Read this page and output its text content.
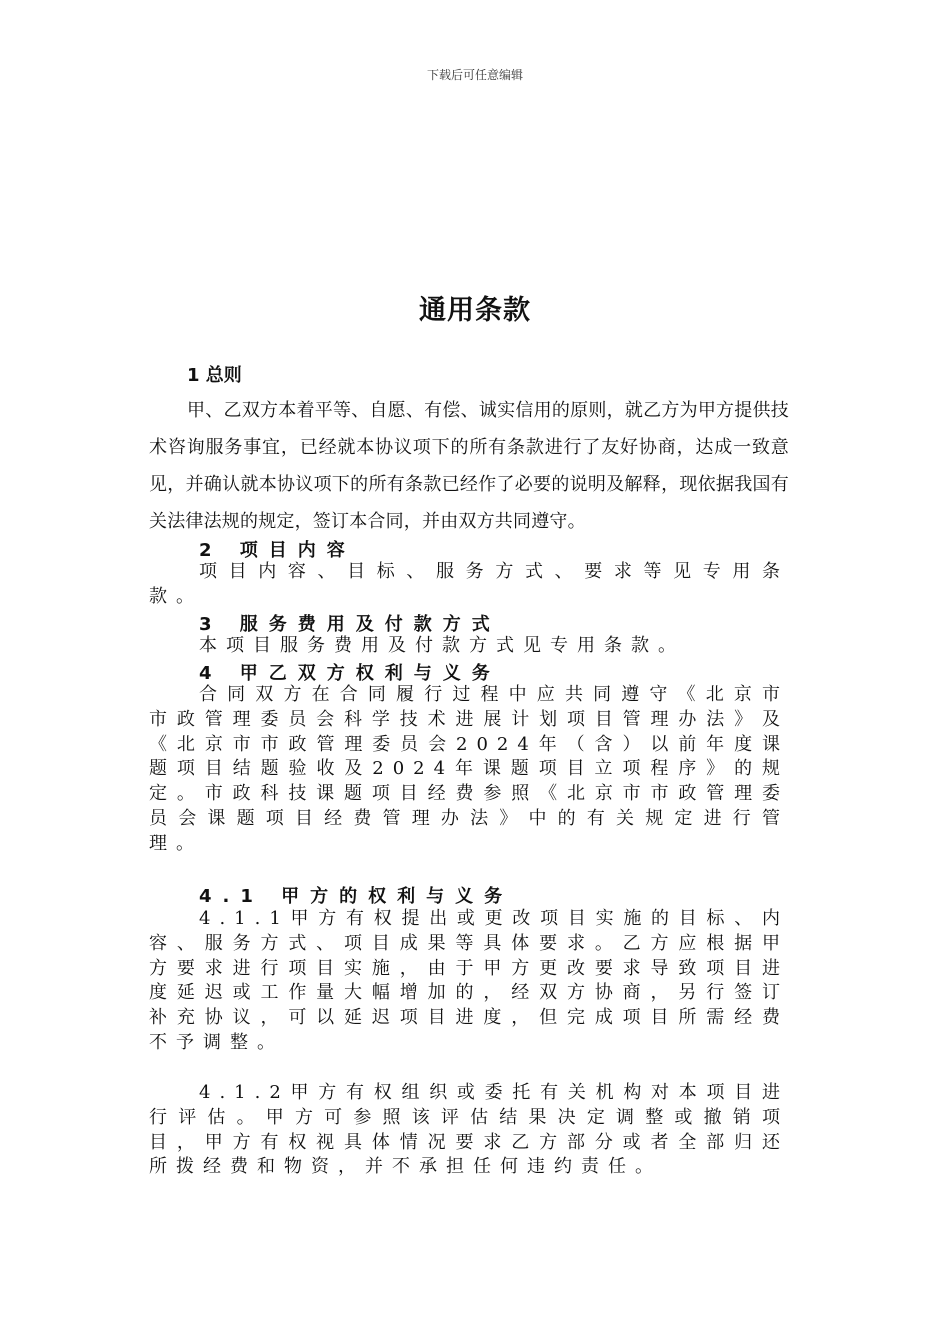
下载后可任意编辑
通用条款
1 总则
甲、乙双方本着平等、自愿、有偿、诚实信用的原则，就乙方为甲方提供技术咨询服务事宜，已经就本协议项下的所有条款进行了友好协商，达成一致意见，并确认就本协议项下的所有条款已经作了必要的说明及解释，现依据我国有关法律法规的规定，签订本合同，并由双方共同遵守。
2 项目内容
项目内容、目标、服务方式、要求等见专用条款。
3 服务费用及付款方式
本项目服务费用及付款方式见专用条款。
4 甲乙双方权利与义务
合同双方在合同履行过程中应共同遵守《北京市市政管理委员会科学技术进展计划项目管理办法》及《北京市市政管理委员会2024年（含）以前年度课题项目结题验收及2024年课题项目立项程序》的规定。市政科技课题项目经费参照《北京市市政管理委员会课题项目经费管理办法》中的有关规定进行管理。
4.1 甲方的权利与义务
4.1.1甲方有权提出或更改项目实施的目标、内容、服务方式、项目成果等具体要求。乙方应根据甲方要求进行项目实施，由于甲方更改要求导致项目进度延迟或工作量大幅增加的，经双方协商，另行签订补充协议，可以延迟项目进度，但完成项目所需经费不予调整。
4.1.2甲方有权组织或委托有关机构对本项目进行评估。甲方可参照该评估结果决定调整或撤销项目，甲方有权视具体情况要求乙方部分或者全部归还所拨经费和物资，并不承担任何违约责任。
